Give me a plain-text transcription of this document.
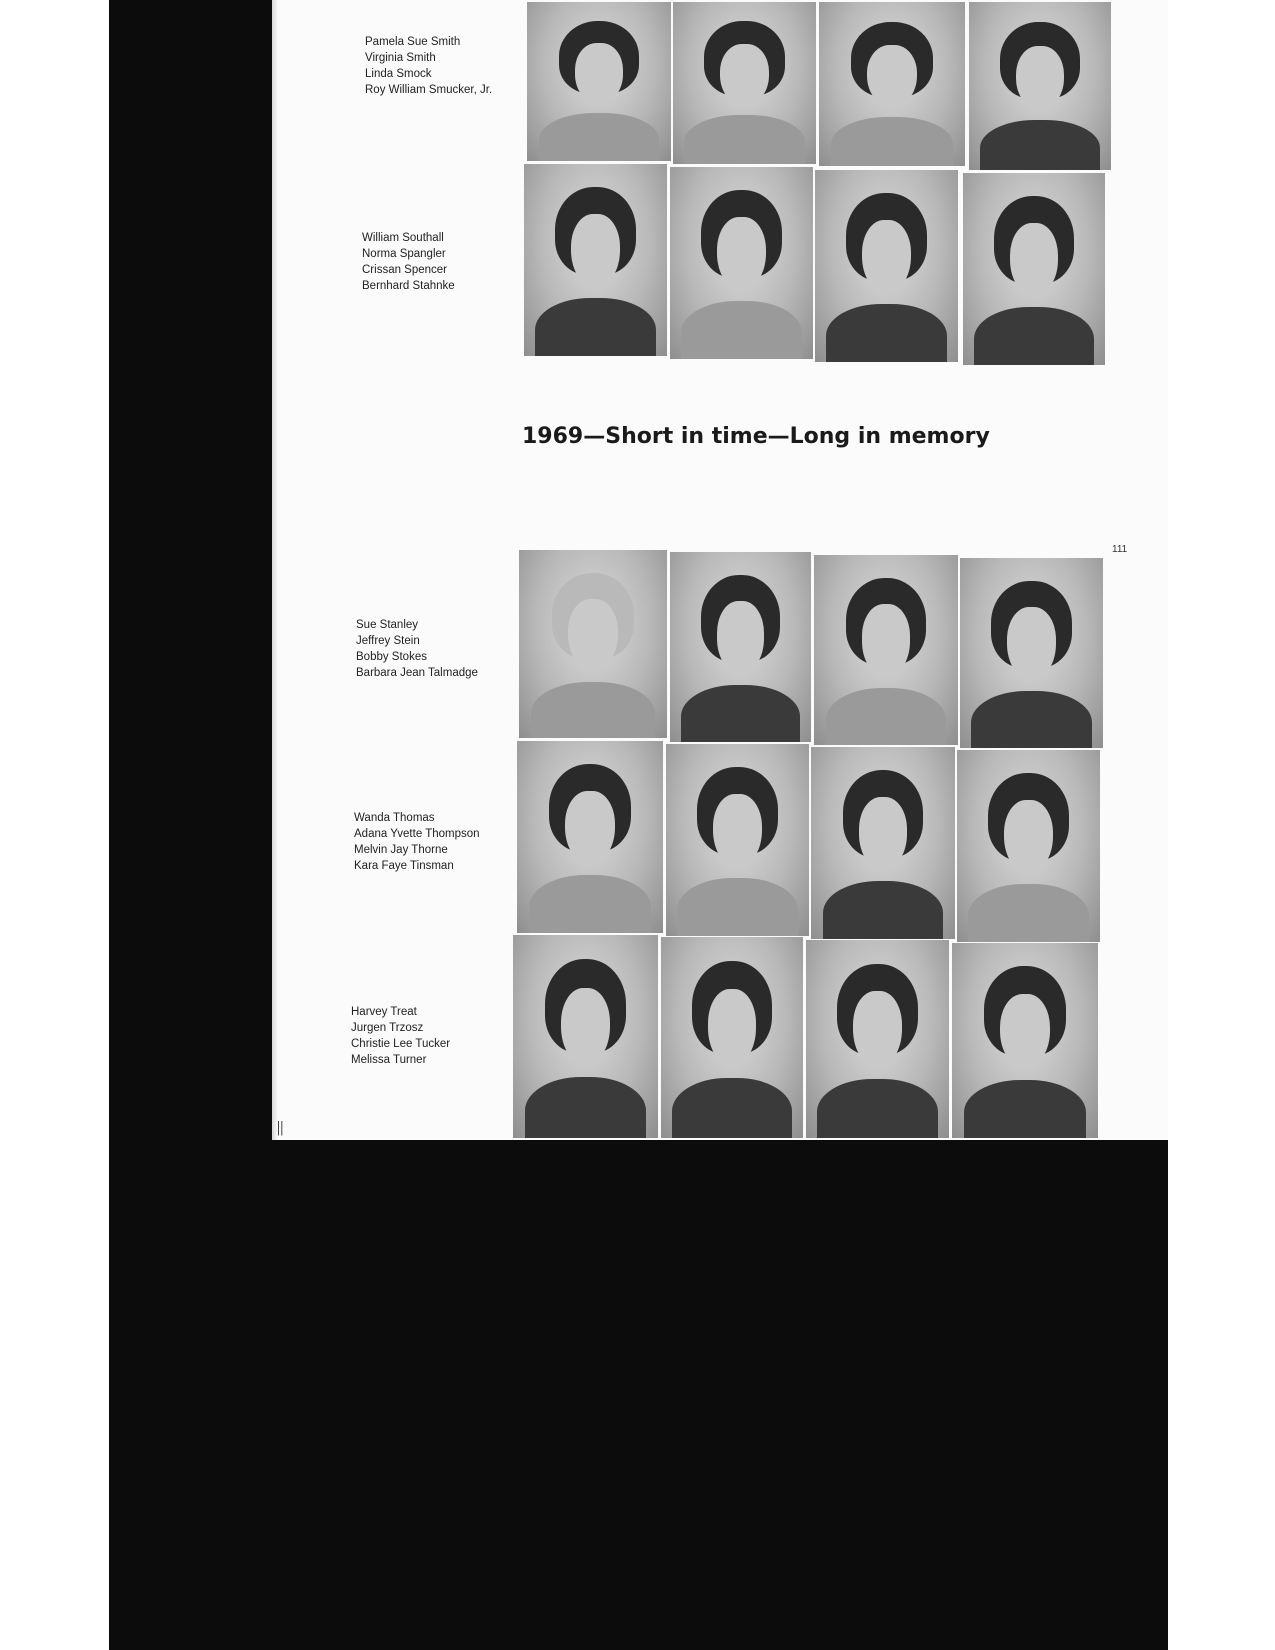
Pamela Sue Smith
Virginia Smith
Linda Smock
Roy William Smucker, Jr.
William Southall
Norma Spangler
Crissan Spencer
Bernhard Stahnke
1969—Short in time—Long in memory
111
Sue Stanley
Jeffrey Stein
Bobby Stokes
Barbara Jean Talmadge
Wanda Thomas
Adana Yvette Thompson
Melvin Jay Thorne
Kara Faye Tinsman
Harvey Treat
Jurgen Trzosz
Christie Lee Tucker
Melissa Turner
||
